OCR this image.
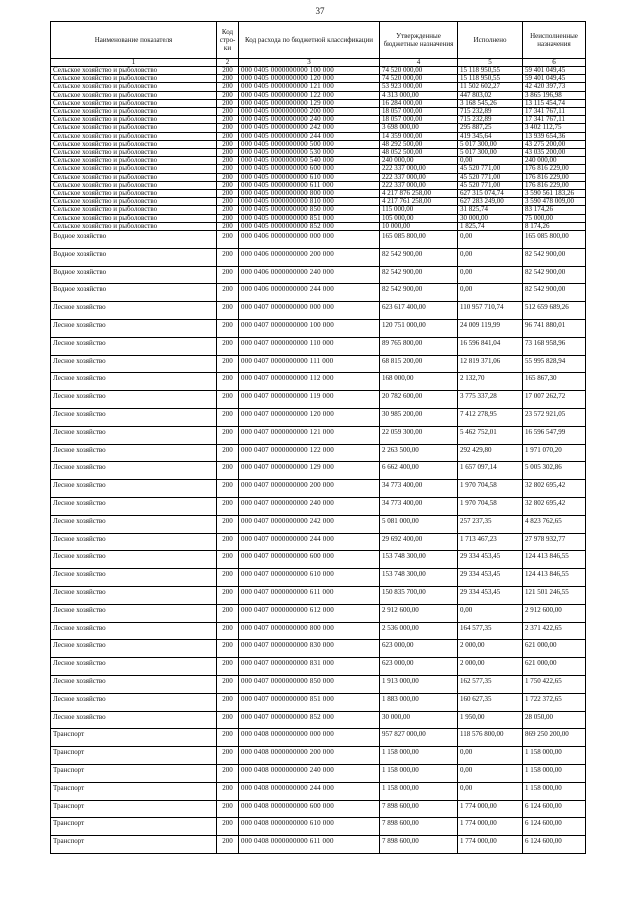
37
Наименование показателя	Код стро-ки	Код расхода по бюджетной классификации	Утвержденные бюджетные назначения	Исполнено	Неисполненные назначения
1	2	3	4	5	6
Сельское хозяйство и рыболовство	200	000 0405 0000000000 100 000	74 520 000,00	15 118 950,55	59 401 049,45
Сельское хозяйство и рыболовство	200	000 0405 0000000000 120 000	74 520 000,00	15 118 950,55	59 401 049,45
Сельское хозяйство и рыболовство	200	000 0405 0000000000 121 000	53 923 000,00	11 502 602,27	42 420 397,73
Сельское хозяйство и рыболовство	200	000 0405 0000000000 122 000	4 313 000,00	447 803,02	3 865 196,98
Сельское хозяйство и рыболовство	200	000 0405 0000000000 129 000	16 284 000,00	3 168 545,26	13 115 454,74
Сельское хозяйство и рыболовство	200	000 0405 0000000000 200 000	18 057 000,00	715 232,89	17 341 767,11
Сельское хозяйство и рыболовство	200	000 0405 0000000000 240 000	18 057 000,00	715 232,89	17 341 767,11
Сельское хозяйство и рыболовство	200	000 0405 0000000000 242 000	3 698 000,00	295 887,25	3 402 112,75
Сельское хозяйство и рыболовство	200	000 0405 0000000000 244 000	14 359 000,00	419 345,64	13 939 654,36
Сельское хозяйство и рыболовство	200	000 0405 0000000000 500 000	48 292 500,00	5 017 300,00	43 275 200,00
Сельское хозяйство и рыболовство	200	000 0405 0000000000 530 000	48 052 500,00	5 017 300,00	43 035 200,00
Сельское хозяйство и рыболовство	200	000 0405 0000000000 540 000	240 000,00	0,00	240 000,00
Сельское хозяйство и рыболовство	200	000 0405 0000000000 600 000	222 337 000,00	45 520 771,00	176 816 229,00
Сельское хозяйство и рыболовство	200	000 0405 0000000000 610 000	222 337 000,00	45 520 771,00	176 816 229,00
Сельское хозяйство и рыболовство	200	000 0405 0000000000 611 000	222 337 000,00	45 520 771,00	176 816 229,00
Сельское хозяйство и рыболовство	200	000 0405 0000000000 800 000	4 217 876 258,00	627 315 074,74	3 590 561 183,26
Сельское хозяйство и рыболовство	200	000 0405 0000000000 810 000	4 217 761 258,00	627 283 249,00	3 590 478 009,00
Сельское хозяйство и рыболовство	200	000 0405 0000000000 850 000	115 000,00	31 825,74	83 174,26
Сельское хозяйство и рыболовство	200	000 0405 0000000000 851 000	105 000,00	30 000,00	75 000,00
Сельское хозяйство и рыболовство	200	000 0405 0000000000 852 000	10 000,00	1 825,74	8 174,26
Водное хозяйство	200	000 0406 0000000000 000 000	165 085 800,00	0,00	165 085 800,00
Водное хозяйство	200	000 0406 0000000000 200 000	82 542 900,00	0,00	82 542 900,00
Водное хозяйство	200	000 0406 0000000000 240 000	82 542 900,00	0,00	82 542 900,00
Водное хозяйство	200	000 0406 0000000000 244 000	82 542 900,00	0,00	82 542 900,00
Лесное хозяйство	200	000 0407 0000000000 000 000	623 617 400,00	110 957 710,74	512 659 689,26
Лесное хозяйство	200	000 0407 0000000000 100 000	120 751 000,00	24 009 119,99	96 741 880,01
Лесное хозяйство	200	000 0407 0000000000 110 000	89 765 800,00	16 596 841,04	73 168 958,96
Лесное хозяйство	200	000 0407 0000000000 111 000	68 815 200,00	12 819 371,06	55 995 828,94
Лесное хозяйство	200	000 0407 0000000000 112 000	168 000,00	2 132,70	165 867,30
Лесное хозяйство	200	000 0407 0000000000 119 000	20 782 600,00	3 775 337,28	17 007 262,72
Лесное хозяйство	200	000 0407 0000000000 120 000	30 985 200,00	7 412 278,95	23 572 921,05
Лесное хозяйство	200	000 0407 0000000000 121 000	22 059 300,00	5 462 752,01	16 596 547,99
Лесное хозяйство	200	000 0407 0000000000 122 000	2 263 500,00	292 429,80	1 971 070,20
Лесное хозяйство	200	000 0407 0000000000 129 000	6 662 400,00	1 657 097,14	5 005 302,86
Лесное хозяйство	200	000 0407 0000000000 200 000	34 773 400,00	1 970 704,58	32 802 695,42
Лесное хозяйство	200	000 0407 0000000000 240 000	34 773 400,00	1 970 704,58	32 802 695,42
Лесное хозяйство	200	000 0407 0000000000 242 000	5 081 000,00	257 237,35	4 823 762,65
Лесное хозяйство	200	000 0407 0000000000 244 000	29 692 400,00	1 713 467,23	27 978 932,77
Лесное хозяйство	200	000 0407 0000000000 600 000	153 748 300,00	29 334 453,45	124 413 846,55
Лесное хозяйство	200	000 0407 0000000000 610 000	153 748 300,00	29 334 453,45	124 413 846,55
Лесное хозяйство	200	000 0407 0000000000 611 000	150 835 700,00	29 334 453,45	121 501 246,55
Лесное хозяйство	200	000 0407 0000000000 612 000	2 912 600,00	0,00	2 912 600,00
Лесное хозяйство	200	000 0407 0000000000 800 000	2 536 000,00	164 577,35	2 371 422,65
Лесное хозяйство	200	000 0407 0000000000 830 000	623 000,00	2 000,00	621 000,00
Лесное хозяйство	200	000 0407 0000000000 831 000	623 000,00	2 000,00	621 000,00
Лесное хозяйство	200	000 0407 0000000000 850 000	1 913 000,00	162 577,35	1 750 422,65
Лесное хозяйство	200	000 0407 0000000000 851 000	1 883 000,00	160 627,35	1 722 372,65
Лесное хозяйство	200	000 0407 0000000000 852 000	30 000,00	1 950,00	28 050,00
Транспорт	200	000 0408 0000000000 000 000	957 827 000,00	118 576 800,00	869 250 200,00
Транспорт	200	000 0408 0000000000 200 000	1 158 000,00	0,00	1 158 000,00
Транспорт	200	000 0408 0000000000 240 000	1 158 000,00	0,00	1 158 000,00
Транспорт	200	000 0408 0000000000 244 000	1 158 000,00	0,00	1 158 000,00
Транспорт	200	000 0408 0000000000 600 000	7 898 600,00	1 774 000,00	6 124 600,00
Транспорт	200	000 0408 0000000000 610 000	7 898 600,00	1 774 000,00	6 124 600,00
Транспорт	200	000 0408 0000000000 611 000	7 898 600,00	1 774 000,00	6 124 600,00
